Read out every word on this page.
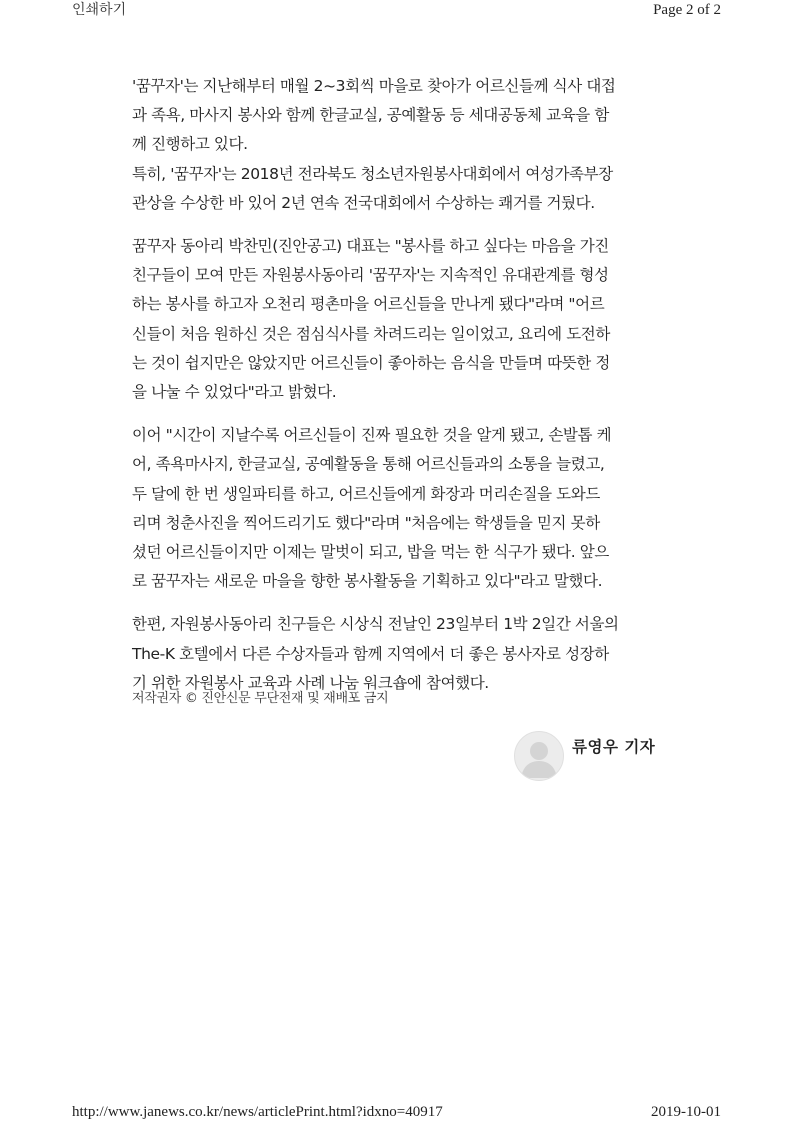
인쇄하기	Page 2 of 2
'꿈꾸자'는 지난해부터 매월 2~3회씩 마을로 찾아가 어르신들께 식사 대접
과 족욕, 마사지 봉사와 함께 한글교실, 공예활동 등 세대공동체 교육을 함
께 진행하고 있다.
특히, '꿈꾸자'는 2018년 전라북도 청소년자원봉사대회에서 여성가족부장
관상을 수상한 바 있어 2년 연속 전국대회에서 수상하는 쾌거를 거뒀다.
꿈꾸자 동아리 박찬민(진안공고) 대표는 "봉사를 하고 싶다는 마음을 가진
친구들이 모여 만든 자원봉사동아리 '꿈꾸자'는 지속적인 유대관계를 형성
하는 봉사를 하고자 오천리 평촌마을 어르신들을 만나게 됐다"라며 "어르
신들이 처음 원하신 것은 점심식사를 차려드리는 일이었고, 요리에 도전하
는 것이 쉽지만은 않았지만 어르신들이 좋아하는 음식을 만들며 따뜻한 정
을 나눌 수 있었다"라고 밝혔다.
이어 "시간이 지날수록 어르신들이 진짜 필요한 것을 알게 됐고, 손발톱 케
어, 족욕마사지, 한글교실, 공예활동을 통해 어르신들과의 소통을 늘렸고,
두 달에 한 번 생일파티를 하고, 어르신들에게 화장과 머리손질을 도와드
리며 청춘사진을 찍어드리기도 했다"라며 "처음에는 학생들을 믿지 못하
셨던 어르신들이지만 이제는 말벗이 되고, 밥을 먹는 한 식구가 됐다. 앞으
로 꿈꾸자는 새로운 마을을 향한 봉사활동을 기획하고 있다"라고 말했다.
한편, 자원봉사동아리 친구들은 시상식 전날인 23일부터 1박 2일간 서울의
The-K 호텔에서 다른 수상자들과 함께 지역에서 더 좋은 봉사자로 성장하
기 위한 자원봉사 교육과 사례 나눔 워크숍에 참여했다.
저작권자 © 진안신문 무단전재 및 재배포 금지
류영우 기자
http://www.janews.co.kr/news/articlePrint.html?idxno=40917	2019-10-01
